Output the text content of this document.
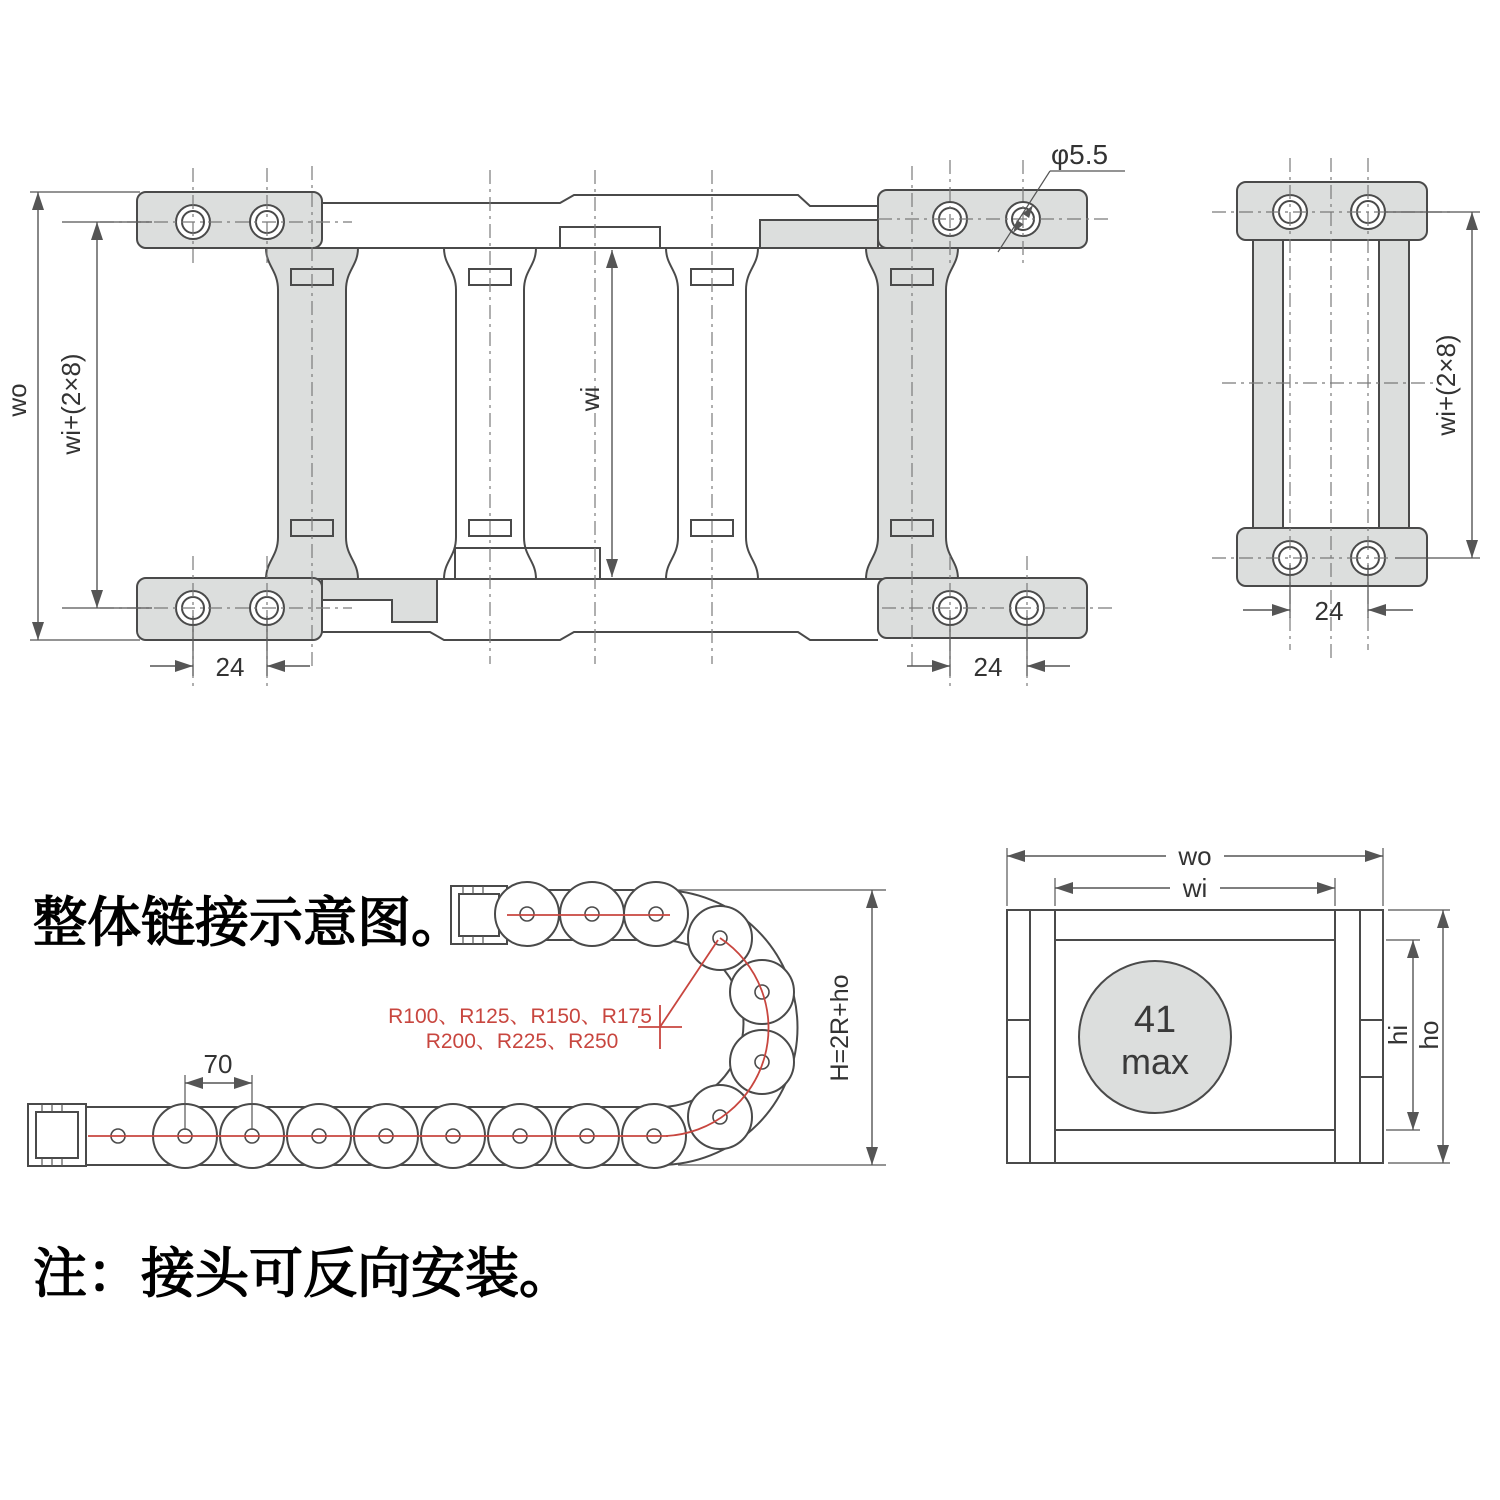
wo wi+(2×8)	wi
24	24
φ5.5
wi+(2×8)
24
70	H=2R+ho
R100、R125、R150、R175
R200、R225、R250
41
max
wo
wi
hi ho
整体链接示意图。
注：接头可反向安装。
